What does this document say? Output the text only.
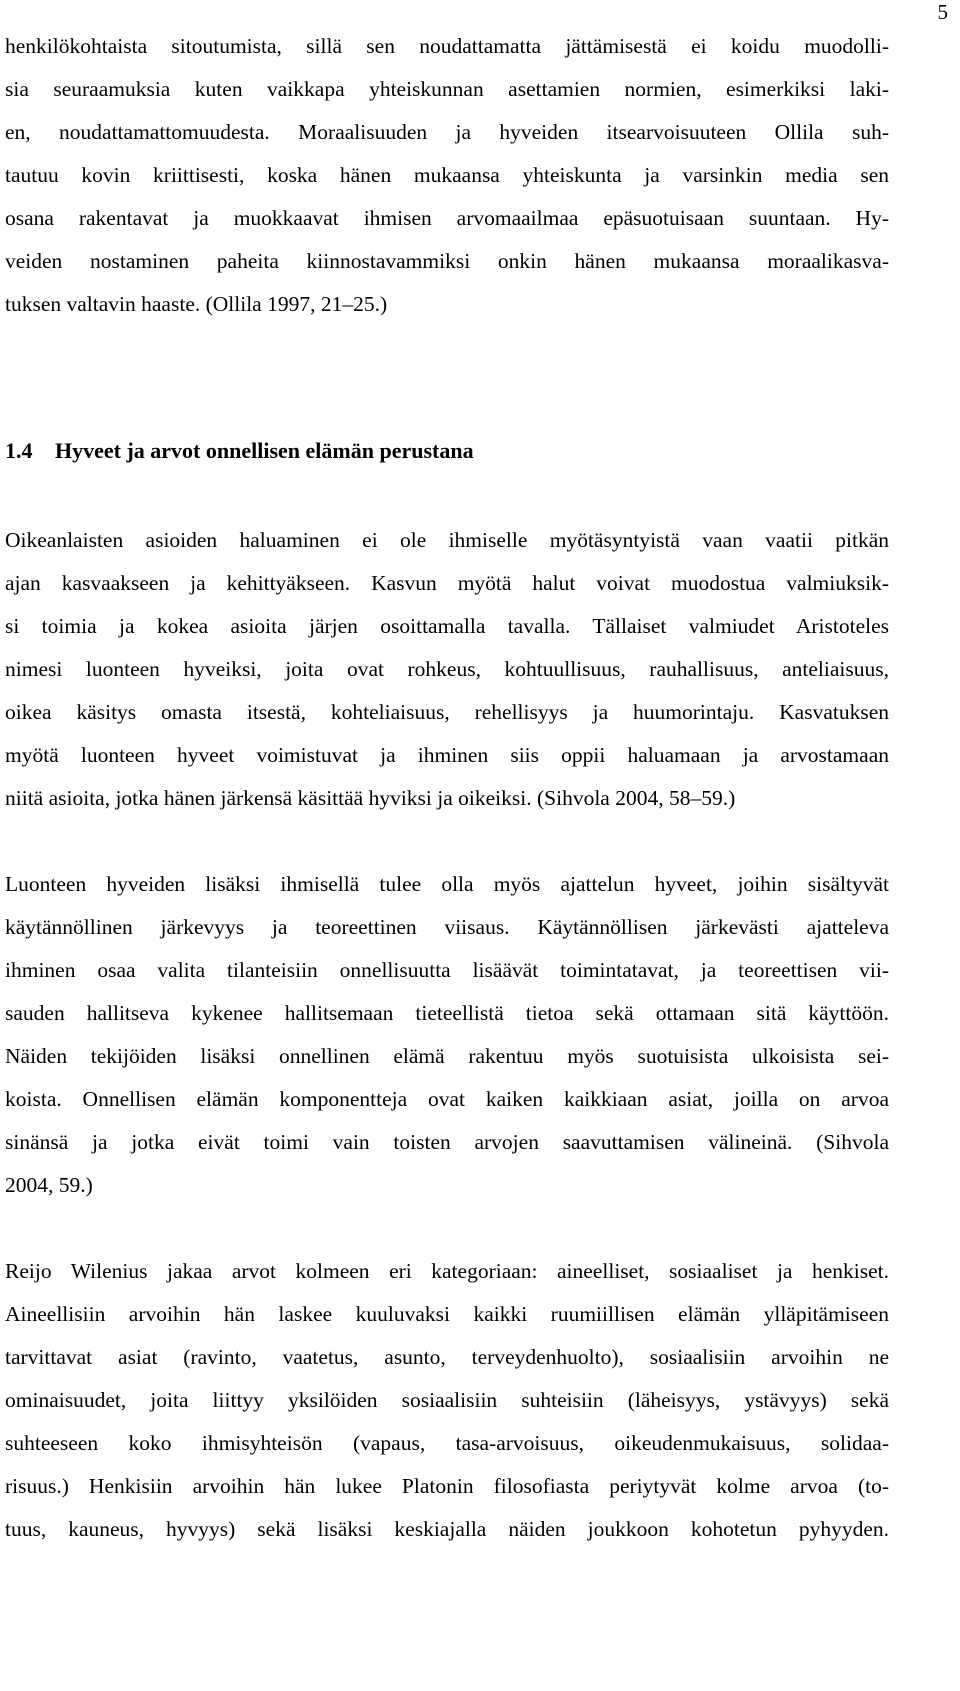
5
henkilökohtaista sitoutumista, sillä sen noudattamatta jättämisestä ei koidu muodolli-
sia seuraamuksia kuten vaikkapa yhteiskunnan asettamien normien, esimerkiksi laki-
en, noudattamattomuudesta. Moraalisuuden ja hyveiden itsearvoisuuteen Ollila suh-
tautuu kovin kriittisesti, koska hänen mukaansa yhteiskunta ja varsinkin media sen
osana rakentavat ja muokkaavat ihmisen arvomaailmaa epäsuotuisaan suuntaan. Hy-
veiden nostaminen paheita kiinnostavammiksi onkin hänen mukaansa moraalikasva-
tuksen valtavin haaste. (Ollila 1997, 21–25.)
1.4 Hyveet ja arvot onnellisen elämän perustana
Oikeanlaisten asioiden haluaminen ei ole ihmiselle myötäsyntyistä vaan vaatii pitkän
ajan kasvaakseen ja kehittyäkseen. Kasvun myötä halut voivat muodostua valmiuksik-
si toimia ja kokea asioita järjen osoittamalla tavalla. Tällaiset valmiudet Aristoteles
nimesi luonteen hyveiksi, joita ovat rohkeus, kohtuullisuus, rauhallisuus, anteliaisuus,
oikea käsitys omasta itsestä, kohteliaisuus, rehellisyys ja huumorintaju. Kasvatuksen
myötä luonteen hyveet voimistuvat ja ihminen siis oppii haluamaan ja arvostamaan
niitä asioita, jotka hänen järkensä käsittää hyviksi ja oikeiksi. (Sihvola 2004, 58–59.)
Luonteen hyveiden lisäksi ihmisellä tulee olla myös ajattelun hyveet, joihin sisältyvät
käytännöllinen järkevyys ja teoreettinen viisaus. Käytännöllisen järkevästi ajatteleva
ihminen osaa valita tilanteisiin onnellisuutta lisäävät toimintatavat, ja teoreettisen vii-
sauden hallitseva kykenee hallitsemaan tieteellistä tietoa sekä ottamaan sitä käyttöön.
Näiden tekijöiden lisäksi onnellinen elämä rakentuu myös suotuisista ulkoisista sei-
koista. Onnellisen elämän komponentteja ovat kaiken kaikkiaan asiat, joilla on arvoa
sinänsä ja jotka eivät toimi vain toisten arvojen saavuttamisen välineinä. (Sihvola
2004, 59.)
Reijo Wilenius jakaa arvot kolmeen eri kategoriaan: aineelliset, sosiaaliset ja henkiset.
Aineellisiin arvoihin hän laskee kuuluvaksi kaikki ruumiillisen elämän ylläpitämiseen
tarvittavat asiat (ravinto, vaatetus, asunto, terveydenhuolto), sosiaalisiin arvoihin ne
ominaisuudet, joita liittyy yksilöiden sosiaalisiin suhteisiin (läheisyys, ystävyys) sekä
suhteeseen koko ihmisyhteisön (vapaus, tasa-arvoisuus, oikeudenmukaisuus, solidaa-
risuus.) Henkisiin arvoihin hän lukee Platonin filosofiasta periytyvät kolme arvoa (to-
tuus, kauneus, hyvyys) sekä lisäksi keskiajalla näiden joukkoon kohotetun pyhyyden.
